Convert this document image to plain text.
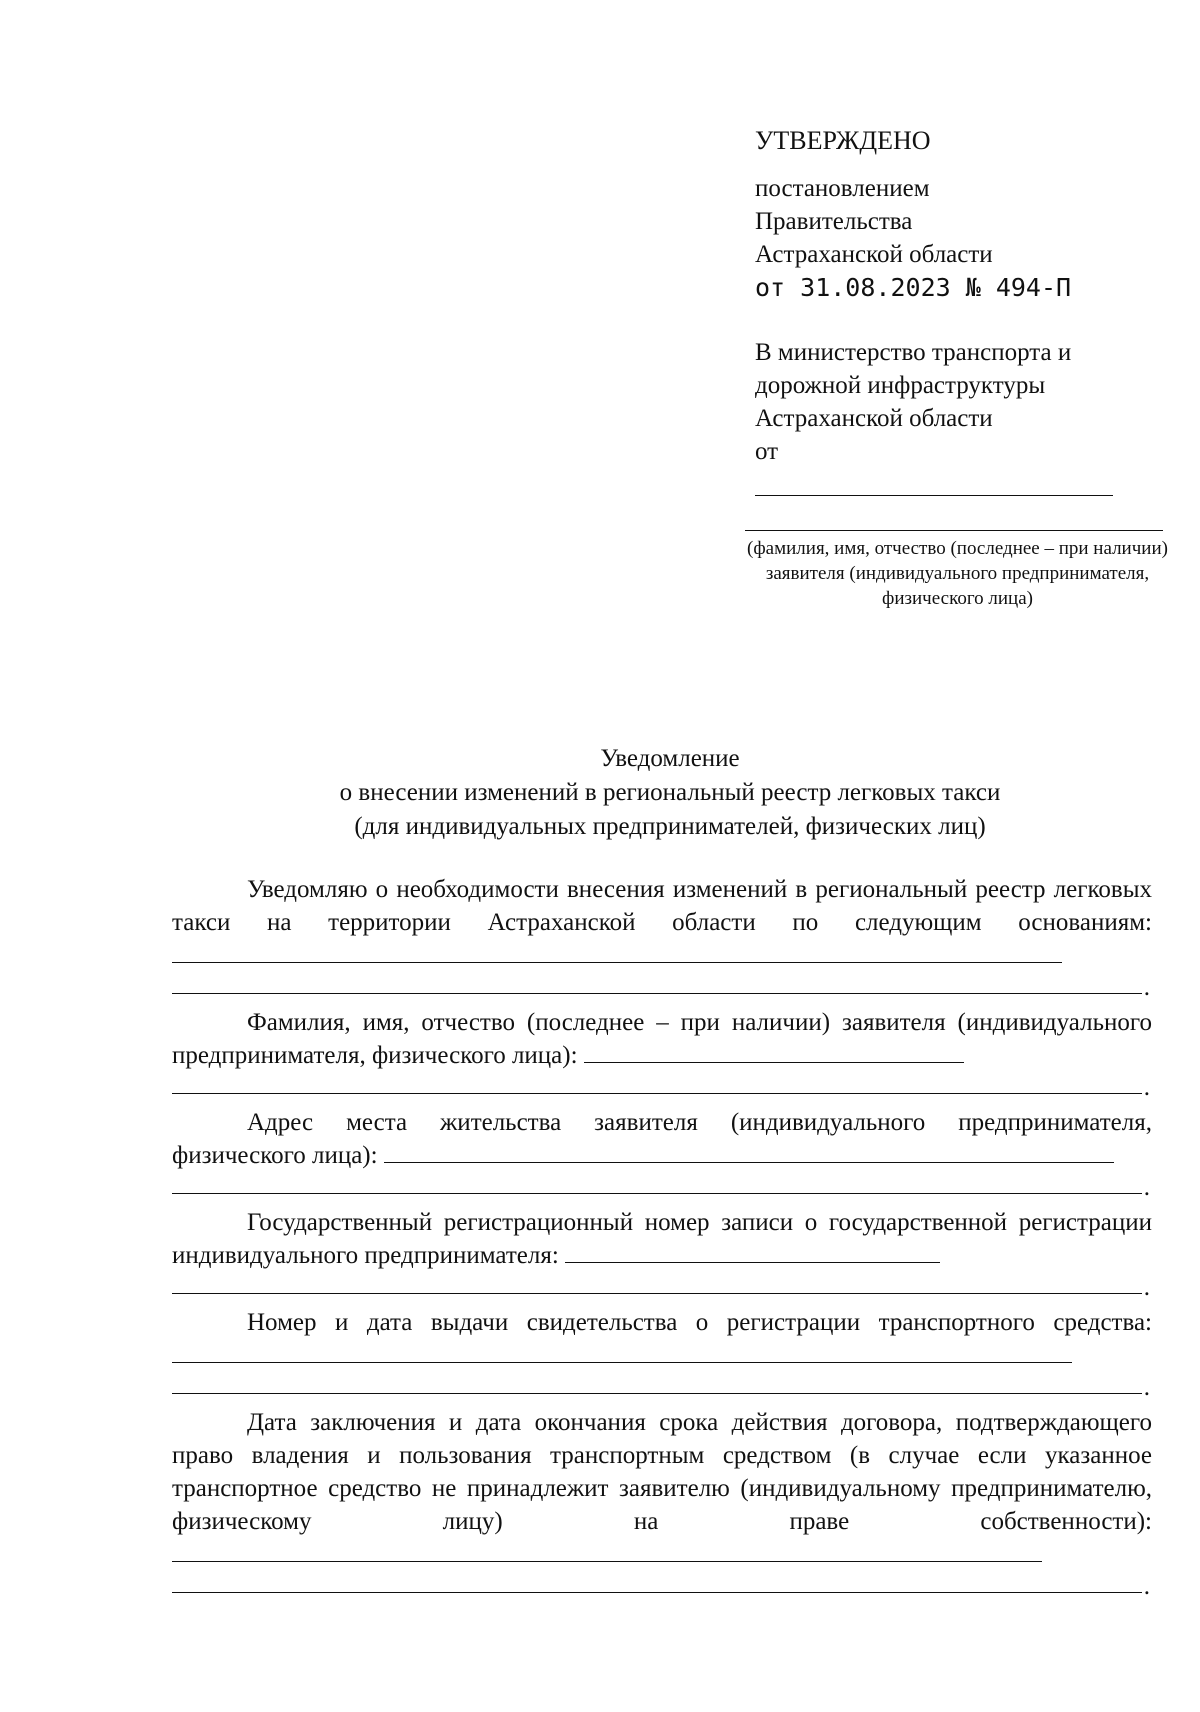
УТВЕРЖДЕНО
постановлением
Правительства
Астраханской области
от 31.08.2023 № 494-П
В министерство транспорта и
дорожной инфраструктуры
Астраханской области
от
(фамилия, имя, отчество (последнее – при наличии) заявителя (индивидуального предпринимателя, физического лица)
Уведомление
о внесении изменений в региональный реестр легковых такси
(для индивидуальных предпринимателей, физических лиц)
Уведомляю о необходимости внесения изменений в региональный реестр легковых такси на территории Астраханской области по следующим основаниям:
.
Фамилия, имя, отчество (последнее – при наличии) заявителя (индивидуального предпринимателя, физического лица):
.
Адрес места жительства заявителя (индивидуального предпринимателя, физического лица):
.
Государственный регистрационный номер записи о государственной регистрации индивидуального предпринимателя:
.
Номер и дата выдачи свидетельства о регистрации транспортного средства:
.
Дата заключения и дата окончания срока действия договора, подтверждающего право владения и пользования транспортным средством (в случае если указанное транспортное средство не принадлежит заявителю (индивидуальному предпринимателю, физическому лицу) на праве собственности):
.
